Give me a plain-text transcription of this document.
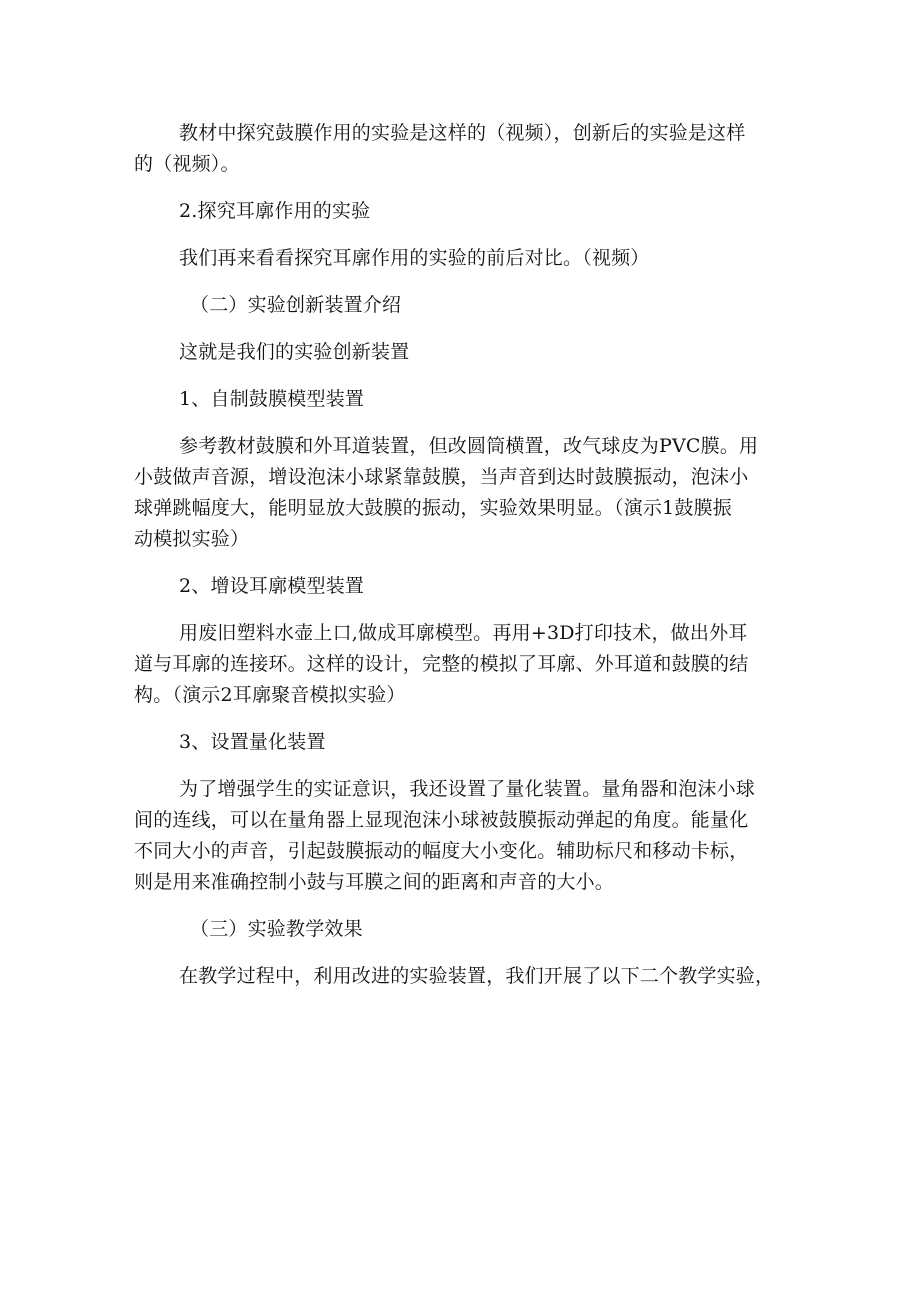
教材中探究鼓膜作用的实验是这样的（视频），创新后的实验是这样

的（视频）。

2.探究耳廓作用的实验

我们再来看看探究耳廓作用的实验的前后对比。（视频）

（二）实验创新装置介绍

这就是我们的实验创新装置

1、自制鼓膜模型装置

参考教材鼓膜和外耳道装置，但改圆筒横置，改气球皮为PVC膜。用

小鼓做声音源，增设泡沫小球紧靠鼓膜，当声音到达时鼓膜振动，泡沫小

球弹跳幅度大，能明显放大鼓膜的振动，实验效果明显。（演示1鼓膜振

动模拟实验）

2、增设耳廓模型装置

用废旧塑料水壶上口,做成耳廓模型。再用+3D打印技术，做出外耳

道与耳廓的连接环。这样的设计，完整的模拟了耳廓、外耳道和鼓膜的结

构。（演示2耳廓聚音模拟实验）

3、设置量化装置

为了增强学生的实证意识，我还设置了量化装置。量角器和泡沫小球

间的连线，可以在量角器上显现泡沫小球被鼓膜振动弹起的角度。能量化

不同大小的声音，引起鼓膜振动的幅度大小变化。辅助标尺和移动卡标，

则是用来准确控制小鼓与耳膜之间的距离和声音的大小。

（三）实验教学效果

在教学过程中，利用改进的实验装置，我们开展了以下二个教学实验，
